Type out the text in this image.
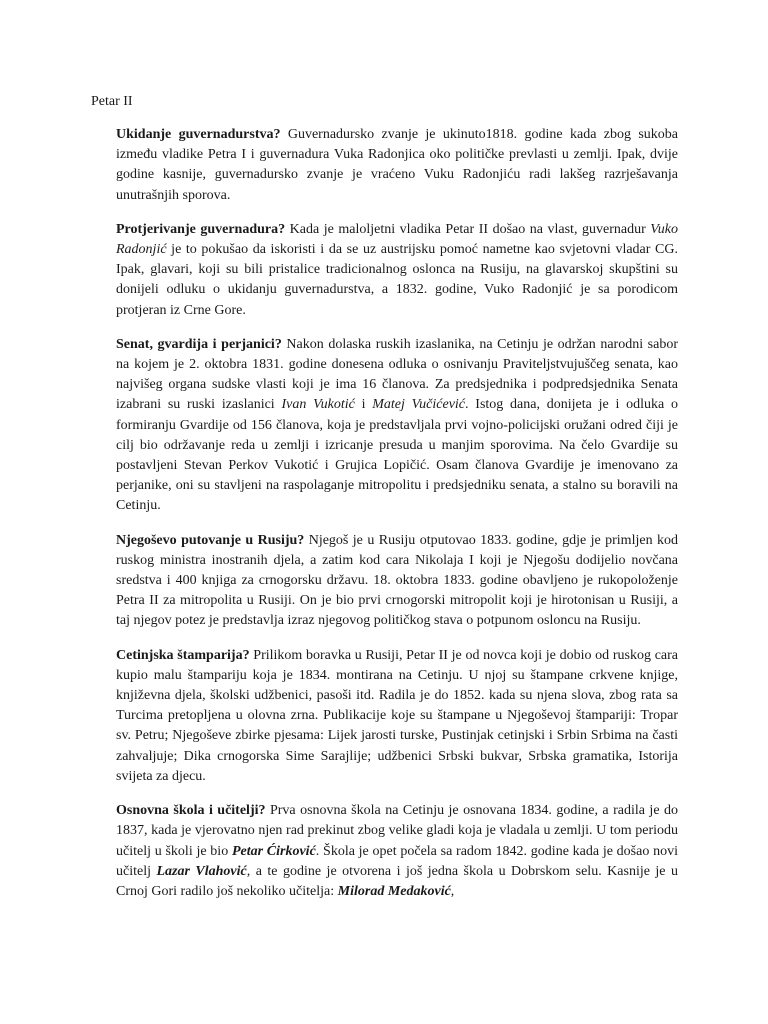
Petar II

Ukidanje guvernadurstva? Guvernadursko zvanje je ukinuto1818. godine kada zbog sukoba između vladike Petra I i guvernadura Vuka Radonjica oko političke prevlasti u zemlji. Ipak, dvije godine kasnije, guvernadursko zvanje je vraćeno Vuku Radonjiću radi lakšeg razrješavanja unutrašnjih sporova.

Protjerivanje guvernadura? Kada je maloljetni vladika Petar II došao na vlast, guvernadur Vuko Radonjić je to pokušao da iskoristi i da se uz austrijsku pomoć nametne kao svjetovni vladar CG. Ipak, glavari, koji su bili pristalice tradicionalnog oslonca na Rusiju, na glavarskoj skupštini su donijeli odluku o ukidanju guvernadurstva, a 1832. godine, Vuko Radonjić je sa porodicom protjeran iz Crne Gore.

Senat, gvardija i perjanici? Nakon dolaska ruskih izaslanika, na Cetinju je održan narodni sabor na kojem je 2. oktobra 1831. godine donesena odluka o osnivanju Praviteljstvujuščeg senata, kao najvišeg organa sudske vlasti koji je ima 16 članova. Za predsjednika i podpredsjednika Senata izabrani su ruski izaslanici Ivan Vukotić i Matej Vučićević. Istog dana, donijeta je i odluka o formiranju Gvardije od 156 članova, koja je predstavljala prvi vojno-policijski oružani odred čiji je cilj bio održavanje reda u zemlji i izricanje presuda u manjim sporovima. Na čelo Gvardije su postavljeni Stevan Perkov Vukotić i Grujica Lopičić. Osam članova Gvardije je imenovano za perjanike, oni su stavljeni na raspolaganje mitropolitu i predsjedniku senata, a stalno su boravili na Cetinju.

Njegoševo putovanje u Rusiju? Njegoš je u Rusiju otputovao 1833. godine, gdje je primljen kod ruskog ministra inostranih djela, a zatim kod cara Nikolaja I koji je Njegošu dodijelio novčana sredstva i 400 knjiga za crnogorsku državu. 18. oktobra 1833. godine obavljeno je rukopoloženje Petra II za mitropolita u Rusiji. On je bio prvi crnogorski mitropolit koji je hirotonisan u Rusiji, a taj njegov potez je predstavlja izraz njegovog političkog stava o potpunom osloncu na Rusiju.

Cetinjska štamparija? Prilikom boravka u Rusiji, Petar II je od novca koji je dobio od ruskog cara kupio malu štampariju koja je 1834. montirana na Cetinju. U njoj su štampane crkvene knjige, književna djela, školski udžbenici, pasoši itd. Radila je do 1852. kada su njena slova, zbog rata sa Turcima pretopljena u olovna zrna. Publikacije koje su štampane u Njegoševoj štampariji: Tropar sv. Petru; Njegoševe zbirke pjesama: Lijek jarosti turske, Pustinjak cetinjski i Srbin Srbima na časti zahvaljuje; Dika crnogorska Sime Sarajlije; udžbenici Srbski bukvar, Srbska gramatika, Istorija svijeta za djecu.

Osnovna škola i učitelji? Prva osnovna škola na Cetinju je osnovana 1834. godine, a radila je do 1837, kada je vjerovatno njen rad prekinut zbog velike gladi koja je vladala u zemlji. U tom periodu učitelj u školi je bio Petar Ćirković. Škola je opet počela sa radom 1842. godine kada je došao novi učitelj Lazar Vlahović, a te godine je otvorena i još jedna škola u Dobrskom selu. Kasnije je u Crnoj Gori radilo još nekoliko učitelja: Milorad Medaković,
